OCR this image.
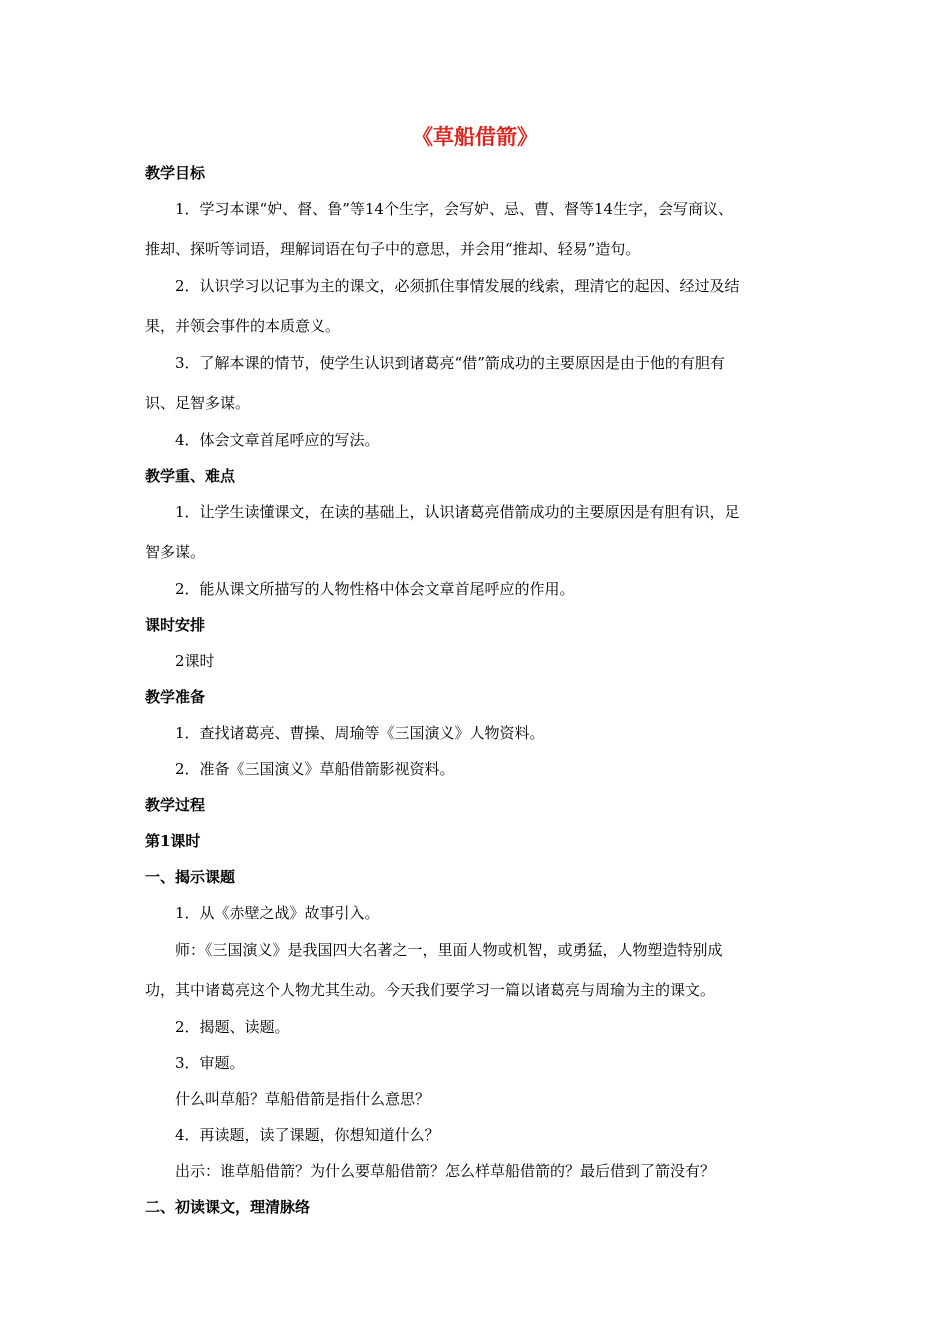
《草船借箭》
教学目标
1．学习本课“妒、督、鲁”等14个生字，会写妒、忌、曹、督等14生字，会写商议、
推却、探听等词语，理解词语在句子中的意思，并会用“推却、轻易”造句。
2．认识学习以记事为主的课文，必须抓住事情发展的线索，理清它的起因、经过及结
果，并领会事件的本质意义。
3．了解本课的情节，使学生认识到诸葛亮“借”箭成功的主要原因是由于他的有胆有
识、足智多谋。
4．体会文章首尾呼应的写法。
教学重、难点
1．让学生读懂课文，在读的基础上，认识诸葛亮借箭成功的主要原因是有胆有识，足
智多谋。
2．能从课文所描写的人物性格中体会文章首尾呼应的作用。
课时安排
2课时
教学准备
1．查找诸葛亮、曹操、周瑜等《三国演义》人物资料。
2．准备《三国演义》草船借箭影视资料。
教学过程
第1课时
一、揭示课题
1．从《赤壁之战》故事引入。
师：《三国演义》是我国四大名著之一，里面人物或机智，或勇猛，人物塑造特别成
功，其中诸葛亮这个人物尤其生动。今天我们要学习一篇以诸葛亮与周瑜为主的课文。
2．揭题、读题。
3．审题。
什么叫草船？草船借箭是指什么意思？
4．再读题，读了课题，你想知道什么？
出示：谁草船借箭？为什么要草船借箭？怎么样草船借箭的？最后借到了箭没有？
二、初读课文，理清脉络
